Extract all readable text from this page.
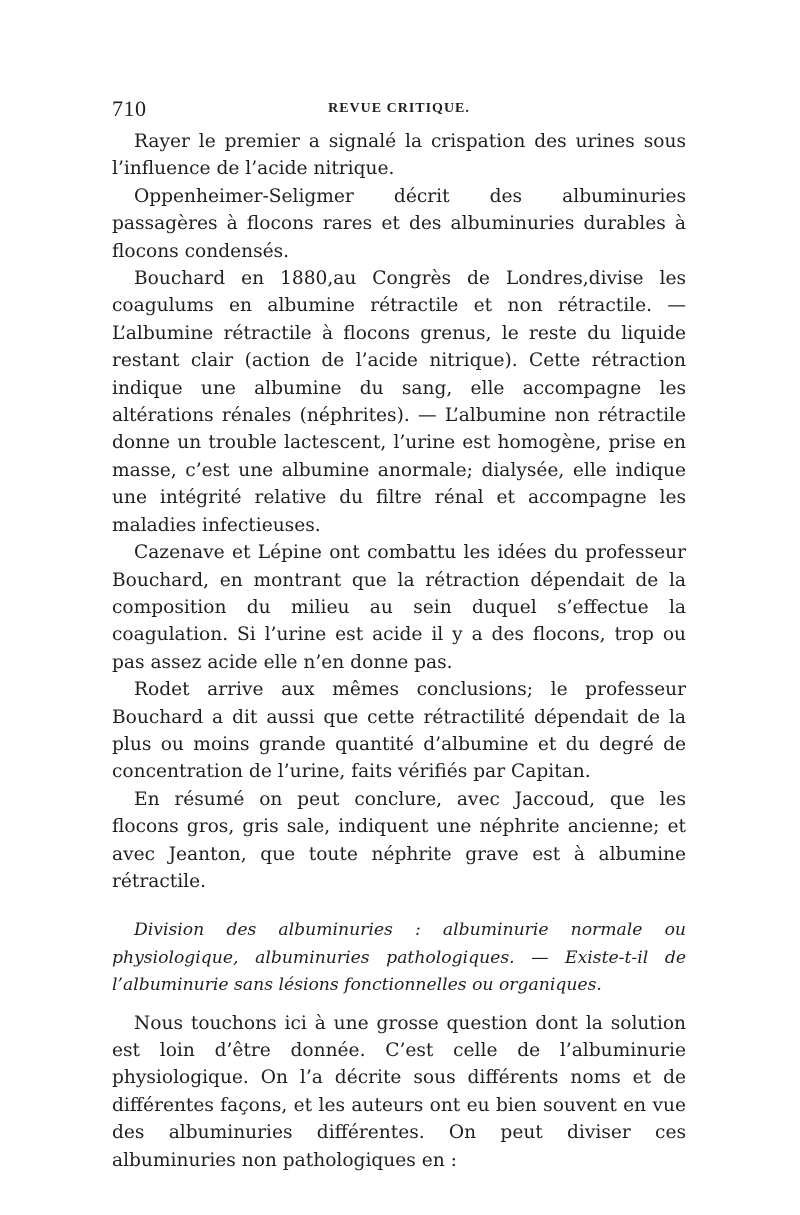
710	REVUE CRITIQUE.

Rayer le premier a signalé la crispation des urines sous l’influence de l’acide nitrique.

Oppenheimer-Seligmer décrit des albuminuries passagères à flocons rares et des albuminuries durables à flocons condensés.

Bouchard en 1880,au Congrès de Londres,divise les coagulums en albumine rétractile et non rétractile. — L’albumine rétractile à flocons grenus, le reste du liquide restant clair (action de l’acide nitrique). Cette rétraction indique une albumine du sang, elle accompagne les altérations rénales (néphrites). — L’albumine non rétractile donne un trouble lactescent, l’urine est homogène, prise en masse, c’est une albumine anormale; dialysée, elle indique une intégrité relative du filtre rénal et accompagne les maladies infectieuses.

Cazenave et Lépine ont combattu les idées du professeur Bouchard, en montrant que la rétraction dépendait de la composition du milieu au sein duquel s’effectue la coagulation. Si l’urine est acide il y a des flocons, trop ou pas assez acide elle n’en donne pas.

Rodet arrive aux mêmes conclusions; le professeur Bouchard a dit aussi que cette rétractilité dépendait de la plus ou moins grande quantité d’albumine et du degré de concentration de l’urine, faits vérifiés par Capitan.

En résumé on peut conclure, avec Jaccoud, que les flocons gros, gris sale, indiquent une néphrite ancienne; et avec Jeanton, que toute néphrite grave est à albumine rétractile.

Division des albuminuries : albuminurie normale ou physiologique, albuminuries pathologiques. — Existe-t-il de l’albuminurie sans lésions fonctionnelles ou organiques.

Nous touchons ici à une grosse question dont la solution est loin d’être donnée. C’est celle de l’albuminurie physiologique. On l’a décrite sous différents noms et de différentes façons, et les auteurs ont eu bien souvent en vue des albuminuries différentes. On peut diviser ces albuminuries non pathologiques en :
